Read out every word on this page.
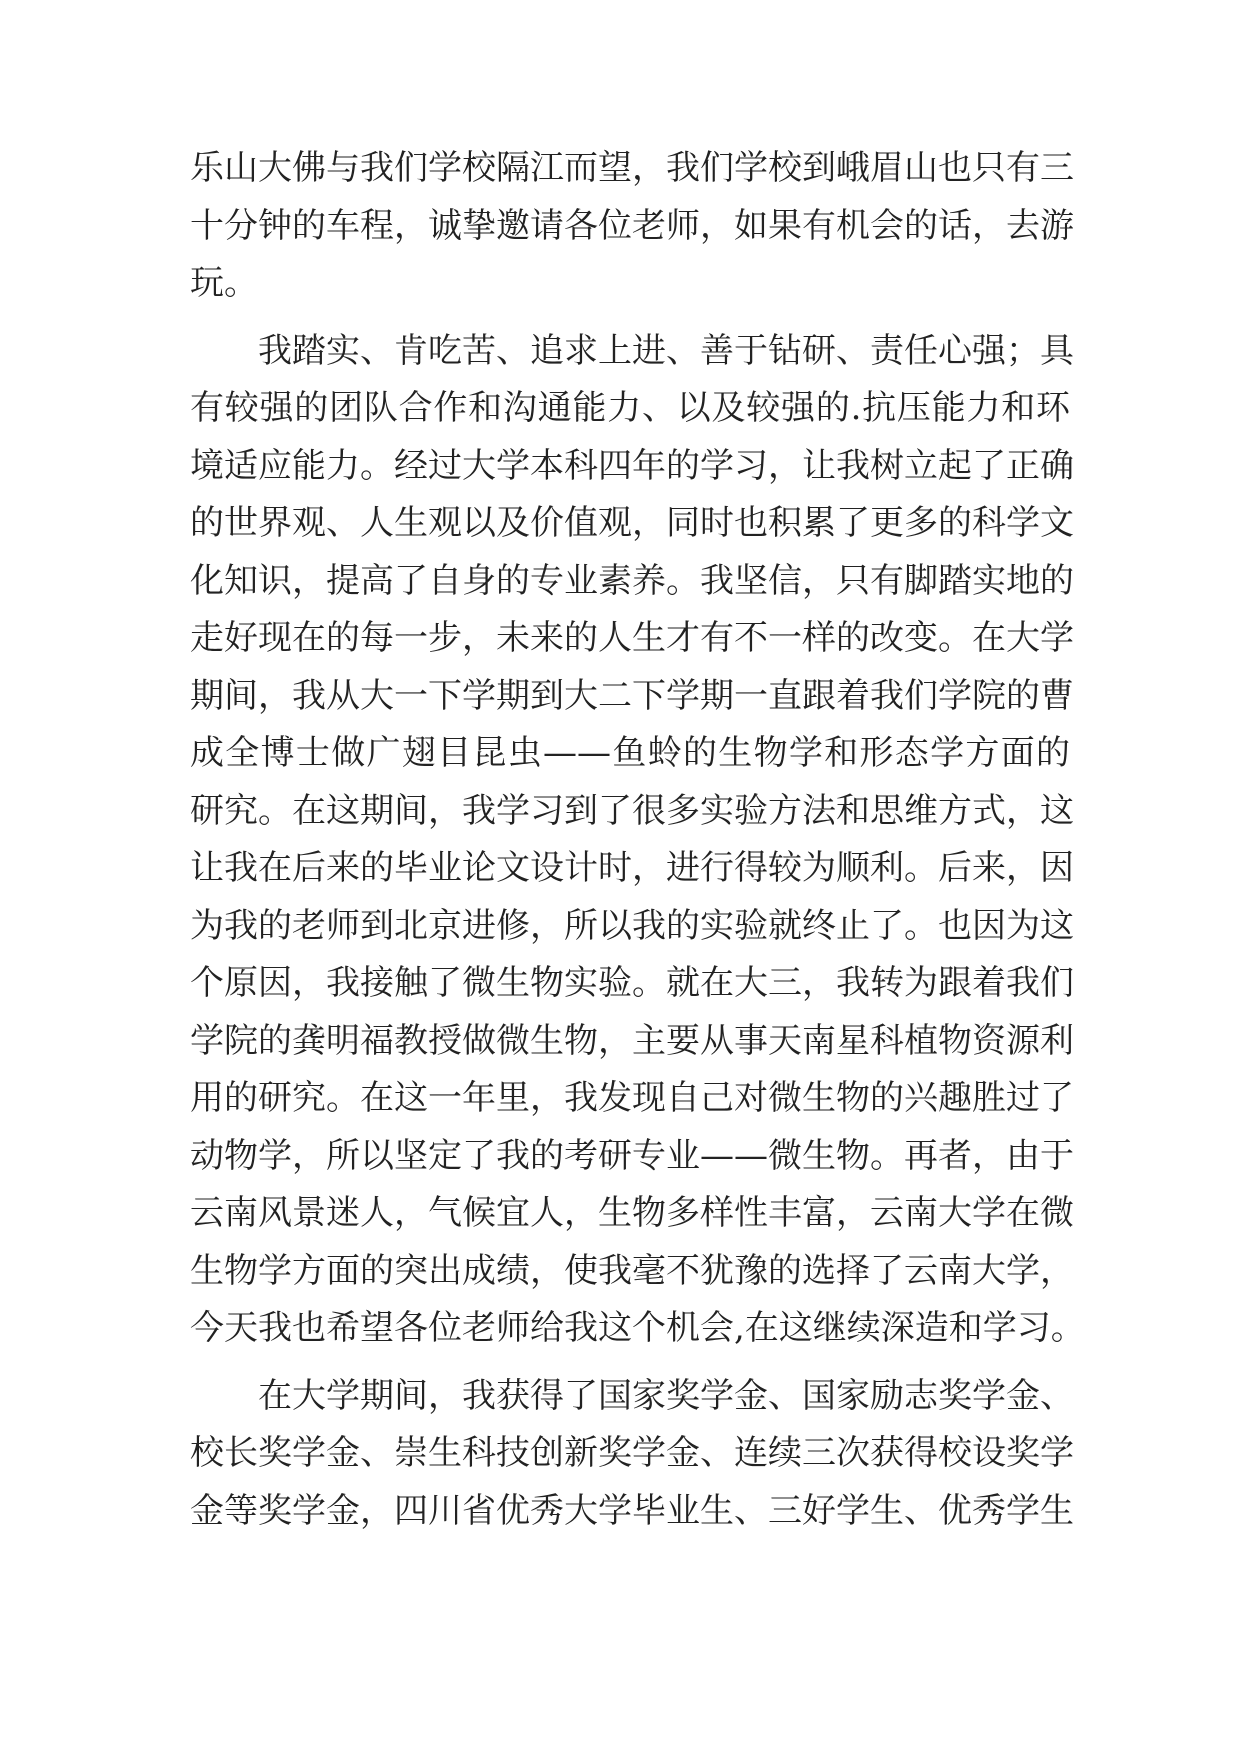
乐山大佛与我们学校隔江而望，我们学校到峨眉山也只有三
十分钟的车程，诚挚邀请各位老师，如果有机会的话，去游
玩。
我踏实、肯吃苦、追求上进、善于钻研、责任心强；具
有较强的团队合作和沟通能力、以及较强的.抗压能力和环
境适应能力。经过大学本科四年的学习，让我树立起了正确
的世界观、人生观以及价值观，同时也积累了更多的科学文
化知识，提高了自身的专业素养。我坚信，只有脚踏实地的
走好现在的每一步，未来的人生才有不一样的改变。在大学
期间，我从大一下学期到大二下学期一直跟着我们学院的曹
成全博士做广翅目昆虫——鱼蛉的生物学和形态学方面的
研究。在这期间，我学习到了很多实验方法和思维方式，这
让我在后来的毕业论文设计时，进行得较为顺利。后来，因
为我的老师到北京进修，所以我的实验就终止了。也因为这
个原因，我接触了微生物实验。就在大三，我转为跟着我们
学院的龚明福教授做微生物，主要从事天南星科植物资源利
用的研究。在这一年里，我发现自己对微生物的兴趣胜过了
动物学，所以坚定了我的考研专业——微生物。再者，由于
云南风景迷人，气候宜人，生物多样性丰富，云南大学在微
生物学方面的突出成绩，使我毫不犹豫的选择了云南大学，
今天我也希望各位老师给我这个机会,在这继续深造和学习。
在大学期间，我获得了国家奖学金、国家励志奖学金、
校长奖学金、崇生科技创新奖学金、连续三次获得校设奖学
金等奖学金，四川省优秀大学毕业生、三好学生、优秀学生
